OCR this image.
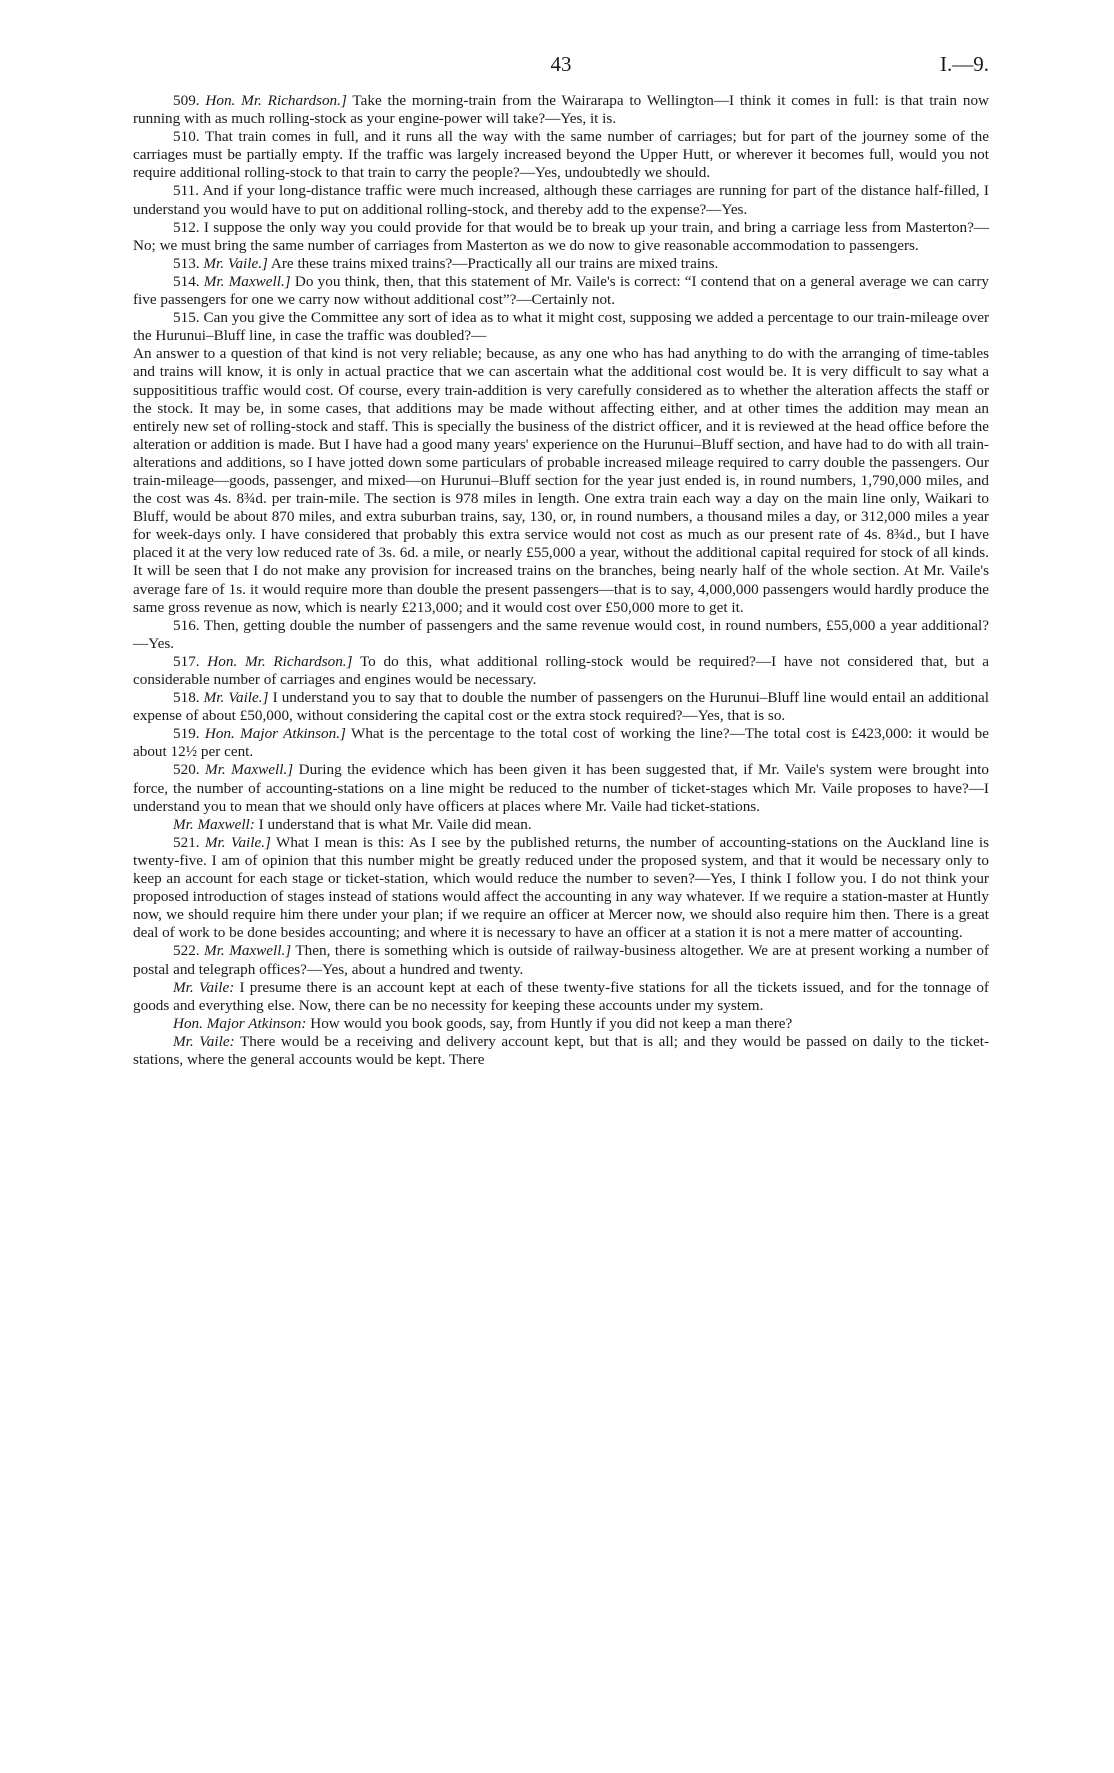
43	I.—9.

509. Hon. Mr. Richardson.] Take the morning-train from the Wairarapa to Wellington—I think it comes in full: is that train now running with as much rolling-stock as your engine-power will take?—Yes, it is.

510. That train comes in full, and it runs all the way with the same number of carriages; but for part of the journey some of the carriages must be partially empty. If the traffic was largely increased beyond the Upper Hutt, or wherever it becomes full, would you not require additional rolling-stock to that train to carry the people?—Yes, undoubtedly we should.

511. And if your long-distance traffic were much increased, although these carriages are running for part of the distance half-filled, I understand you would have to put on additional rolling-stock, and thereby add to the expense?—Yes.

512. I suppose the only way you could provide for that would be to break up your train, and bring a carriage less from Masterton?—No; we must bring the same number of carriages from Masterton as we do now to give reasonable accommodation to passengers.

513. Mr. Vaile.] Are these trains mixed trains?—Practically all our trains are mixed trains.

514. Mr. Maxwell.] Do you think, then, that this statement of Mr. Vaile's is correct: “I contend that on a general average we can carry five passengers for one we carry now without additional cost”?—Certainly not.

515. Can you give the Committee any sort of idea as to what it might cost, supposing we added a percentage to our train-mileage over the Hurunui–Bluff line, in case the traffic was doubled?—

An answer to a question of that kind is not very reliable; because, as any one who has had anything to do with the arranging of time-tables and trains will know, it is only in actual practice that we can ascertain what the additional cost would be. It is very difficult to say what a supposititious traffic would cost. Of course, every train-addition is very carefully considered as to whether the alteration affects the staff or the stock. It may be, in some cases, that additions may be made without affecting either, and at other times the addition may mean an entirely new set of rolling-stock and staff. This is specially the business of the district officer, and it is reviewed at the head office before the alteration or addition is made. But I have had a good many years' experience on the Hurunui–Bluff section, and have had to do with all train-alterations and additions, so I have jotted down some particulars of probable increased mileage required to carry double the passengers. Our train-mileage—goods, passenger, and mixed—on Hurunui–Bluff section for the year just ended is, in round numbers, 1,790,000 miles, and the cost was 4s. 8¾d. per train-mile. The section is 978 miles in length. One extra train each way a day on the main line only, Waikari to Bluff, would be about 870 miles, and extra suburban trains, say, 130, or, in round numbers, a thousand miles a day, or 312,000 miles a year for week-days only. I have considered that probably this extra service would not cost as much as our present rate of 4s. 8¾d., but I have placed it at the very low reduced rate of 3s. 6d. a mile, or nearly £55,000 a year, without the additional capital required for stock of all kinds. It will be seen that I do not make any provision for increased trains on the branches, being nearly half of the whole section. At Mr. Vaile's average fare of 1s. it would require more than double the present passengers—that is to say, 4,000,000 passengers would hardly produce the same gross revenue as now, which is nearly £213,000; and it would cost over £50,000 more to get it.

516. Then, getting double the number of passengers and the same revenue would cost, in round numbers, £55,000 a year additional?—Yes.

517. Hon. Mr. Richardson.] To do this, what additional rolling-stock would be required?—I have not considered that, but a considerable number of carriages and engines would be necessary.

518. Mr. Vaile.] I understand you to say that to double the number of passengers on the Hurunui–Bluff line would entail an additional expense of about £50,000, without considering the capital cost or the extra stock required?—Yes, that is so.

519. Hon. Major Atkinson.] What is the percentage to the total cost of working the line?—The total cost is £423,000: it would be about 12½ per cent.

520. Mr. Maxwell.] During the evidence which has been given it has been suggested that, if Mr. Vaile's system were brought into force, the number of accounting-stations on a line might be reduced to the number of ticket-stages which Mr. Vaile proposes to have?—I understand you to mean that we should only have officers at places where Mr. Vaile had ticket-stations.

Mr. Maxwell: I understand that is what Mr. Vaile did mean.

521. Mr. Vaile.] What I mean is this: As I see by the published returns, the number of accounting-stations on the Auckland line is twenty-five. I am of opinion that this number might be greatly reduced under the proposed system, and that it would be necessary only to keep an account for each stage or ticket-station, which would reduce the number to seven?—Yes, I think I follow you. I do not think your proposed introduction of stages instead of stations would affect the accounting in any way whatever. If we require a station-master at Huntly now, we should require him there under your plan; if we require an officer at Mercer now, we should also require him then. There is a great deal of work to be done besides accounting; and where it is necessary to have an officer at a station it is not a mere matter of accounting.

522. Mr. Maxwell.] Then, there is something which is outside of railway-business altogether. We are at present working a number of postal and telegraph offices?—Yes, about a hundred and twenty.

Mr. Vaile: I presume there is an account kept at each of these twenty-five stations for all the tickets issued, and for the tonnage of goods and everything else. Now, there can be no necessity for keeping these accounts under my system.

Hon. Major Atkinson: How would you book goods, say, from Huntly if you did not keep a man there?

Mr. Vaile: There would be a receiving and delivery account kept, but that is all; and they would be passed on daily to the ticket-stations, where the general accounts would be kept. There
